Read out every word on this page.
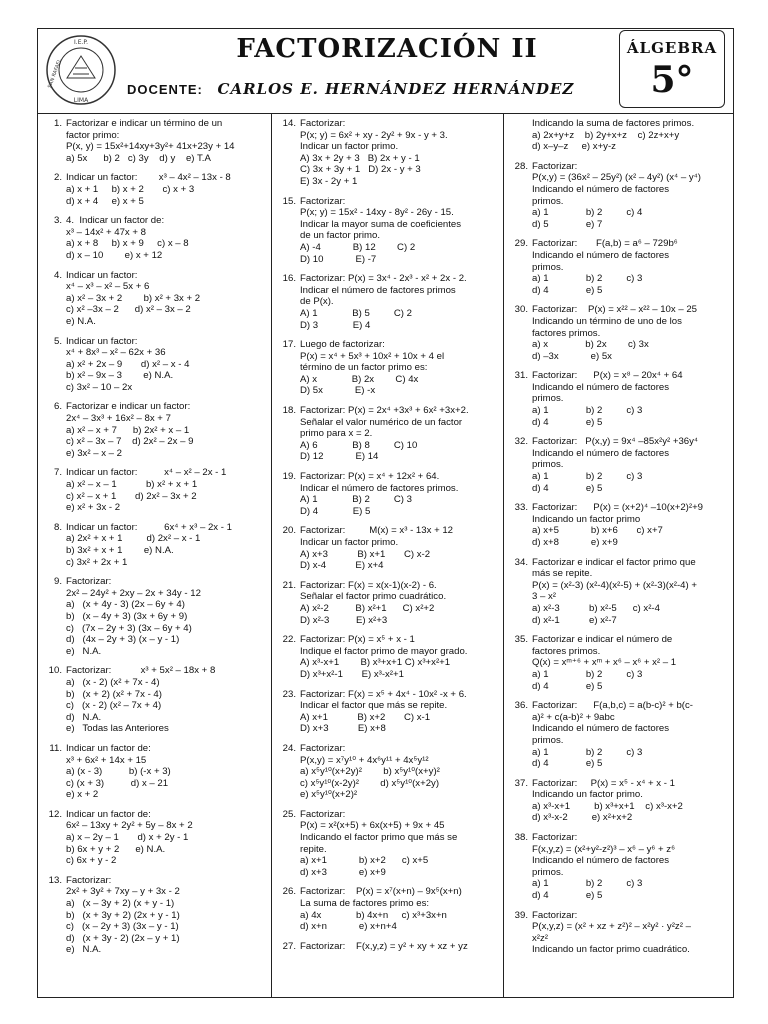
I.E.P.
SAN RAFAEL
LIMA
FACTORIZACIÓN II
DOCENTE: CARLOS E. HERNÁNDEZ HERNÁNDEZ
ÁLGEBRA
5°
1. Factorizar e indicar un término de un
factor primo:
P(x, y) = 15x²+14xy+3y²+ 41x+23y + 14
a) 5x      b) 2   c) 3y    d) y    e) T.A
2. Indicar un factor:        x³ – 4x² – 13x - 8
a) x + 1     b) x + 2       c) x + 3
d) x + 4     e) x + 5
3. 4.  Indicar un factor de:
x³ – 14x² + 47x + 8
a) x + 8     b) x + 9     c) x – 8
d) x – 10        e) x + 12
4. Indicar un factor:
x⁴ – x³ – x² – 5x + 6
a) x² – 3x + 2        b) x² + 3x + 2
c) x² –3x – 2      d) x² – 3x – 2
e) N.A.
5. Indicar un factor:
x⁴ + 8x³ – x² – 62x + 36
a) x² + 2x – 9       d) x² – x - 4
b) x² – 9x – 3        e) N.A.
c) 3x² – 10 – 2x
6. Factorizar e indicar un factor:
2x⁴ – 3x³ + 16x² – 8x + 7
a) x² – x + 7      b) 2x² + x – 1
c) x² – 3x – 7    d) 2x² – 2x – 9
e) 3x² – x – 2
7. Indicar un factor:          x⁴ – x² – 2x - 1
a) x² – x – 1           b) x² + x + 1
c) x² – x + 1       d) 2x² – 3x + 2
e) x² + 3x - 2
8. Indicar un factor:          6x⁴ + x³ – 2x - 1
a) 2x² + x + 1         d) 2x² – x - 1
b) 3x² + x + 1        e) N.A.
c) 3x² + 2x + 1
9. Factorizar:
2x² – 24y² + 2xy – 2x + 34y - 12
a)   (x + 4y - 3) (2x – 6y + 4)
b)   (x – 4y + 3) (3x + 6y + 9)
c)   (7x – 2y + 3) (3x – 6y + 4)
d)   (4x – 2y + 3) (x – y - 1)
e)   N.A.
10. Factorizar:           x³ + 5x² – 18x + 8
a)   (x - 2) (x² + 7x - 4)
b)   (x + 2) (x² + 7x - 4)
c)   (x - 2) (x² – 7x + 4)
d)   N.A.
e)   Todas las Anteriores
11. Indicar un factor de:
x³ + 6x² + 14x + 15
a) (x - 3)          b) (-x + 3)
c) (x + 3)          d) x – 21
e) x + 2
12. Indicar un factor de:
6x² – 13xy + 2y² + 5y – 8x + 2
a) x – 2y – 1       d) x + 2y - 1
b) 6x + y + 2      e) N.A.
c) 6x + y - 2
13. Factorizar:
2x² + 3y² + 7xy – y + 3x - 2
a)   (x – 3y + 2) (x + y - 1)
b)   (x + 3y + 2) (2x + y - 1)
c)   (x – 2y + 3) (3x – y - 1)
d)   (x + 3y - 2) (2x – y + 1)
e)   N.A.
14. Factorizar:
P(x; y) = 6x² + xy - 2y² + 9x - y + 3.
Indicar un factor primo.
A) 3x + 2y + 3   B) 2x + y - 1
C) 3x + 3y + 1   D) 2x - y + 3
E) 3x - 2y + 1
15. Factorizar:
P(x; y) = 15x² - 14xy - 8y² - 26y - 15.
Indicar la mayor suma de coeficientes
de un factor primo.
A) -4            B) 12        C) 2
D) 10            E) -7
16. Factorizar: P(x) = 3x⁴ - 2x³ - x² + 2x - 2.
Indicar el número de factores primos
de P(x).
A) 1             B) 5         C) 2
D) 3             E) 4
17. Luego de factorizar:
P(x) = x⁴ + 5x³ + 10x² + 10x + 4 el
término de un factor primo es:
A) x             B) 2x        C) 4x
D) 5x            E) -x
18. Factorizar: P(x) = 2x⁴ +3x³ + 6x² +3x+2.
Señalar el valor numérico de un factor
primo para x = 2.
A) 6             B) 8         C) 10
D) 12            E) 14
19. Factorizar: P(x) = x⁴ + 12x² + 64.
Indicar el número de factores primos.
A) 1             B) 2         C) 3
D) 4             E) 5
20. Factorizar:         M(x) = x³ - 13x + 12
Indicar un factor primo.
A) x+3           B) x+1       C) x-2
D) x-4           E) x+4
21. Factorizar: F(x) = x(x-1)(x-2) - 6.
Señalar el factor primo cuadrático.
A) x²-2          B) x²+1      C) x²+2
D) x²-3          E) x²+3
22. Factorizar: P(x) = x⁵ + x - 1
Indique el factor primo de mayor grado.
A) x³-x+1        B) x³+x+1 C) x³+x²+1
D) x³+x²-1       E) x³-x²+1
23. Factorizar: F(x) = x⁵ + 4x⁴ - 10x² -x + 6.
Indicar el factor que más se repite.
A) x+1           B) x+2       C) x-1
D) x+3           E) x+8
24. Factorizar:
P(x,y) = x⁷y¹⁰ + 4x⁶y¹¹ + 4x⁵y¹²
a) x⁵y¹⁰(x+2y)²        b) x⁵y¹⁰(x+y)²
c) x⁵y¹⁰(x-2y)²        d) x⁵y¹⁰(x+2y)
e) x⁵y¹⁰(x+2)²
25. Factorizar:
P(x) = x²(x+5) + 6x(x+5) + 9x + 45
Indicando el factor primo que más se
repite.
a) x+1            b) x+2      c) x+5
d) x+3            e) x+9
26. Factorizar:    P(x) = x⁷(x+n) – 9x⁵(x+n)
La suma de factores primo es:
a) 4x             b) 4x+n     c) x³+3x+n
d) x+n            e) x+n+4
27. Factorizar:    F(x,y,z) = y² + xy + xz + yz
Indicando la suma de factores primos.
a) 2x+y+z    b) 2y+x+z    c) 2z+x+y
d) x–y–z     e) x+y-z
28. Factorizar:
P(x,y) = (36x² – 25y²) (x² – 4y²) (x⁴ – y⁴)
Indicando el número de factores
primos.
a) 1              b) 2         c) 4
d) 5              e) 7
29. Factorizar:       F(a,b) = a⁶ – 729b⁶
Indicando el número de factores
primos.
a) 1              b) 2         c) 3
d) 4              e) 5
30. Factorizar:    P(x) = x²² – x²² – 10x – 25
Indicando un término de uno de los
factores primos.
a) x              b) 2x        c) 3x
d) –3x            e) 5x
31. Factorizar:      P(x) = x⁸ – 20x⁴ + 64
Indicando el número de factores
primos.
a) 1              b) 2         c) 3
d) 4              e) 5
32. Factorizar:   P(x,y) = 9x⁴ –85x²y² +36y⁴
Indicando el número de factores
primos.
a) 1              b) 2         c) 3
d) 4              e) 5
33. Factorizar:      P(x) = (x+2)⁴ –10(x+2)²+9
Indicando un factor primo
a) x+5            b) x+6       c) x+7
d) x+8            e) x+9
34. Factorizar e indicar el factor primo que
más se repite.
P(x) = (x²-3) (x²-4)(x²-5) + (x²-3)(x²-4) +
3 – x²
a) x²-3           b) x²-5      c) x²-4
d) x²-1           e) x²-7
35. Factorizar e indicar el número de
factores primos.
Q(x) = xᵐ⁺⁶ + xᵐ + x⁶ – x⁶ + x² – 1
a) 1              b) 2         c) 3
d) 4              e) 5
36. Factorizar:      F(a,b,c) = a(b-c)² + b(c-
a)² + c(a-b)² + 9abc
Indicando el número de factores
primos.
a) 1              b) 2         c) 3
d) 4              e) 5
37. Factorizar:     P(x) = x⁵ - x⁴ + x - 1
Indicando un factor primo.
a) x³-x+1         b) x³+x+1    c) x³-x+2
d) x³-x-2         e) x²+x+2
38. Factorizar:
F(x,y,z) = (x²+y²-z²)³ – x⁶ – y⁶ + z⁶
Indicando el número de factores
primos.
a) 1              b) 2         c) 3
d) 4              e) 5
39. Factorizar:
P(x,y,z) = (x² + xz + z²)² – x²y² · y²z² –
x²z²
Indicando un factor primo cuadrático.
